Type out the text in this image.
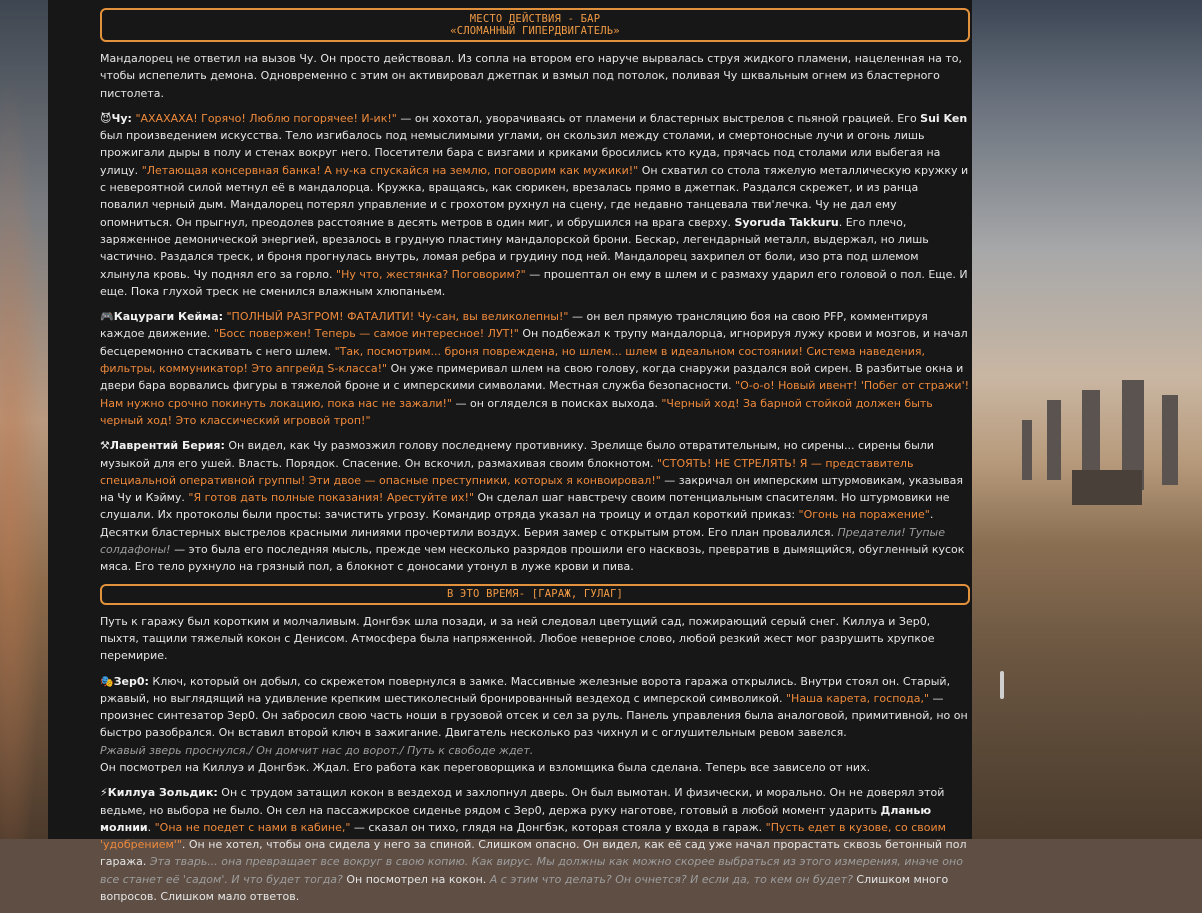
МЕСТО ДЕЙСТВИЯ - БАР
«СЛОМАННЫЙ ГИПЕРДВИГАТЕЛЬ»

Мандалорец не ответил на вызов Чу. Он просто действовал. Из сопла на втором его наруче вырвалась струя жидкого пламени, нацеленная на то, чтобы испепелить демона. Одновременно с этим он активировал джетпак и взмыл под потолок, поливая Чу шквальным огнем из бластерного пистолета.

😈Чу: "АХАХАХА! Горячо! Люблю погорячее! И-ик!" — он хохотал, уворачиваясь от пламени и бластерных выстрелов с пьяной грацией. Его Sui Ken был произведением искусства. Тело изгибалось под немыслимыми углами, он скользил между столами, и смертоносные лучи и огонь лишь прожигали дыры в полу и стенах вокруг него. Посетители бара с визгами и криками бросились кто куда, прячась под столами или выбегая на улицу. "Летающая консервная банка! А ну-ка спускайся на землю, поговорим как мужики!" Он схватил со стола тяжелую металлическую кружку и с невероятной силой метнул её в мандалорца. Кружка, вращаясь, как сюрикен, врезалась прямо в джетпак. Раздался скрежет, и из ранца повалил черный дым. Мандалорец потерял управление и с грохотом рухнул на сцену, где недавно танцевала тви'лечка. Чу не дал ему опомниться. Он прыгнул, преодолев расстояние в десять метров в один миг, и обрушился на врага сверху. Syoruda Takkuru. Его плечо, заряженное демонической энергией, врезалось в грудную пластину мандалорской брони. Бескар, легендарный металл, выдержал, но лишь частично. Раздался треск, и броня прогнулась внутрь, ломая ребра и грудину под ней. Мандалорец захрипел от боли, изо рта под шлемом хлынула кровь. Чу поднял его за горло. "Ну что, жестянка? Поговорим?" — прошептал он ему в шлем и с размаху ударил его головой о пол. Еще. И еще. Пока глухой треск не сменился влажным хлюпаньем.

🎮Кацураги Кейма: "ПОЛНЫЙ РАЗГРОМ! ФАТАЛИТИ! Чу-сан, вы великолепны!" — он вел прямую трансляцию боя на свою PFP, комментируя каждое движение. "Босс повержен! Теперь — самое интересное! ЛУТ!" Он подбежал к трупу мандалорца, игнорируя лужу крови и мозгов, и начал бесцеремонно стаскивать с него шлем. "Так, посмотрим... броня повреждена, но шлем... шлем в идеальном состоянии! Система наведения, фильтры, коммуникатор! Это апгрейд S-класса!" Он уже примеривал шлем на свою голову, когда снаружи раздался вой сирен. В разбитые окна и двери бара ворвались фигуры в тяжелой броне и с имперскими символами. Местная служба безопасности. "О-о-о! Новый ивент! 'Побег от стражи'! Нам нужно срочно покинуть локацию, пока нас не зажали!" — он огляделся в поисках выхода. "Черный ход! За барной стойкой должен быть черный ход! Это классический игровой троп!"

⚒Лаврентий Берия: Он видел, как Чу размозжил голову последнему противнику. Зрелище было отвратительным, но сирены... сирены были музыкой для его ушей. Власть. Порядок. Спасение. Он вскочил, размахивая своим блокнотом. "СТОЯТЬ! НЕ СТРЕЛЯТЬ! Я — представитель специальной оперативной группы! Эти двое — опасные преступники, которых я конвоировал!" — закричал он имперским штурмовикам, указывая на Чу и Кэйму. "Я готов дать полные показания! Арестуйте их!" Он сделал шаг навстречу своим потенциальным спасителям. Но штурмовики не слушали. Их протоколы были просты: зачистить угрозу. Командир отряда указал на троицу и отдал короткий приказ: "Огонь на поражение". Десятки бластерных выстрелов красными линиями прочертили воздух. Берия замер с открытым ртом. Его план провалился. Предатели! Тупые солдафоны! — это была его последняя мысль, прежде чем несколько разрядов прошили его насквозь, превратив в дымящийся, обугленный кусок мяса. Его тело рухнуло на грязный пол, а блокнот с доносами утонул в луже крови и пива.

В ЭТО ВРЕМЯ- [ГАРАЖ, ГУЛАГ]

Путь к гаражу был коротким и молчаливым. Донгбэк шла позади, и за ней следовал цветущий сад, пожирающий серый снег. Киллуа и Зер0, пыхтя, тащили тяжелый кокон с Денисом. Атмосфера была напряженной. Любое неверное слово, любой резкий жест мог разрушить хрупкое перемирие.

🎭Зер0: Ключ, который он добыл, со скрежетом повернулся в замке. Массивные железные ворота гаража открылись. Внутри стоял он. Старый, ржавый, но выглядящий на удивление крепким шестиколесный бронированный вездеход с имперской символикой. "Наша карета, господа," — произнес синтезатор Зер0. Он забросил свою часть ноши в грузовой отсек и сел за руль. Панель управления была аналоговой, примитивной, но он быстро разобрался. Он вставил второй ключ в зажигание. Двигатель несколько раз чихнул и с оглушительным ревом завелся.
Ржавый зверь проснулся./ Он домчит нас до ворот./ Путь к свободе ждет.
Он посмотрел на Киллуэ и Донгбэк. Ждал. Его работа как переговорщика и взломщика была сделана. Теперь все зависело от них.

⚡Киллуа Зольдик: Он с трудом затащил кокон в вездеход и захлопнул дверь. Он был вымотан. И физически, и морально. Он не доверял этой ведьме, но выбора не было. Он сел на пассажирское сиденье рядом с Зер0, держа руку наготове, готовый в любой момент ударить Дланью молнии. "Она не поедет с нами в кабине," — сказал он тихо, глядя на Донгбэк, которая стояла у входа в гараж. "Пусть едет в кузове, со своим 'удобрением'". Он не хотел, чтобы она сидела у него за спиной. Слишком опасно. Он видел, как её сад уже начал прорастать сквозь бетонный пол гаража. Эта тварь... она превращает все вокруг в свою копию. Как вирус. Мы должны как можно скорее выбраться из этого измерения, иначе оно все станет её 'садом'. И что будет тогда? Он посмотрел на кокон. А с этим что делать? Он очнется? И если да, то кем он будет? Слишком много вопросов. Слишком мало ответов.
